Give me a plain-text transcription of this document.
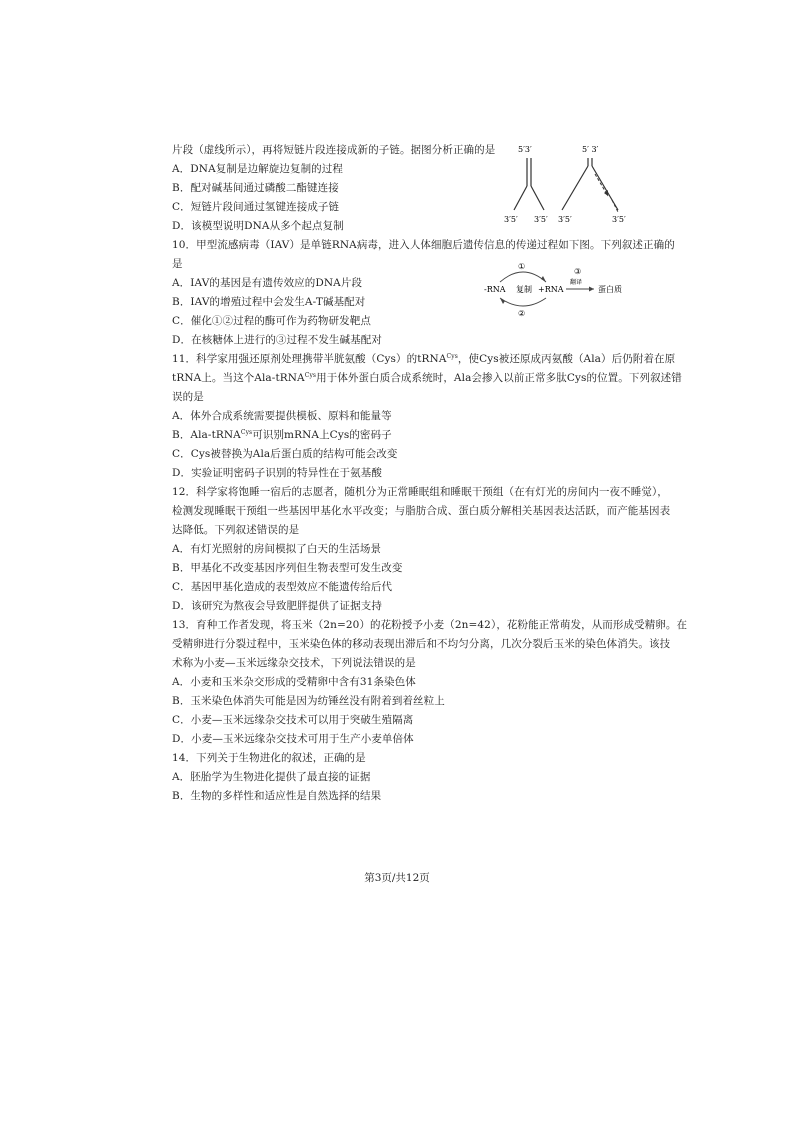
片段（虚线所示），再将短链片段连接成新的子链。据图分析正确的是
A．DNA复制是边解旋边复制的过程
B．配对碱基间通过磷酸二酯键连接
C．短链片段间通过氢键连接成子链
D．该模型说明DNA从多个起点复制
5′3′
3′5′ 3′5′
5′ 3′
3′5′	3′5′
10．甲型流感病毒（IAV）是单链RNA病毒，进入人体细胞后遗传信息的传递过程如下图。下列叙述正确的
是
A．IAV的基因是有遗传效应的DNA片段
B．IAV的增殖过程中会发生A-T碱基配对
C．催化①②过程的酶可作为药物研发靶点
D．在核糖体上进行的③过程不发生碱基配对
-RNA 复制 +RNA
①
②
③
翻译
蛋白质
11．科学家用强还原剂处理携带半胱氨酸（Cys）的tRNA$^{Cys}$，使Cys被还原成丙氨酸（Ala）后仍附着在原
tRNA上。当这个Ala-tRNA$^{Cys}$用于体外蛋白质合成系统时，Ala会掺入以前正常多肽Cys的位置。下列叙述错
误的是
A．体外合成系统需要提供模板、原料和能量等
B．Ala-tRNA$^{Cys}$可识别mRNA上Cys的密码子
C．Cys被替换为Ala后蛋白质的结构可能会改变
D．实验证明密码子识别的特异性在于氨基酸
12．科学家将饱睡一宿后的志愿者，随机分为正常睡眠组和睡眠干预组（在有灯光的房间内一夜不睡觉），
检测发现睡眠干预组一些基因甲基化水平改变；与脂肪合成、蛋白质分解相关基因表达活跃，而产能基因表
达降低。下列叙述错误的是
A．有灯光照射的房间模拟了白天的生活场景
B．甲基化不改变基因序列但生物表型可发生改变
C．基因甲基化造成的表型效应不能遗传给后代
D．该研究为熬夜会导致肥胖提供了证据支持
13．育种工作者发现，将玉米（2n=20）的花粉授予小麦（2n=42），花粉能正常萌发，从而形成受精卵。在
受精卵进行分裂过程中，玉米染色体的移动表现出滞后和不均匀分离，几次分裂后玉米的染色体消失。该技
术称为小麦—玉米远缘杂交技术，下列说法错误的是
A．小麦和玉米杂交形成的受精卵中含有31条染色体
B．玉米染色体消失可能是因为纺锤丝没有附着到着丝粒上
C．小麦—玉米远缘杂交技术可以用于突破生殖隔离
D．小麦—玉米远缘杂交技术可用于生产小麦单倍体
14．下列关于生物进化的叙述，正确的是
A．胚胎学为生物进化提供了最直接的证据
B．生物的多样性和适应性是自然选择的结果
第3页/共12页
